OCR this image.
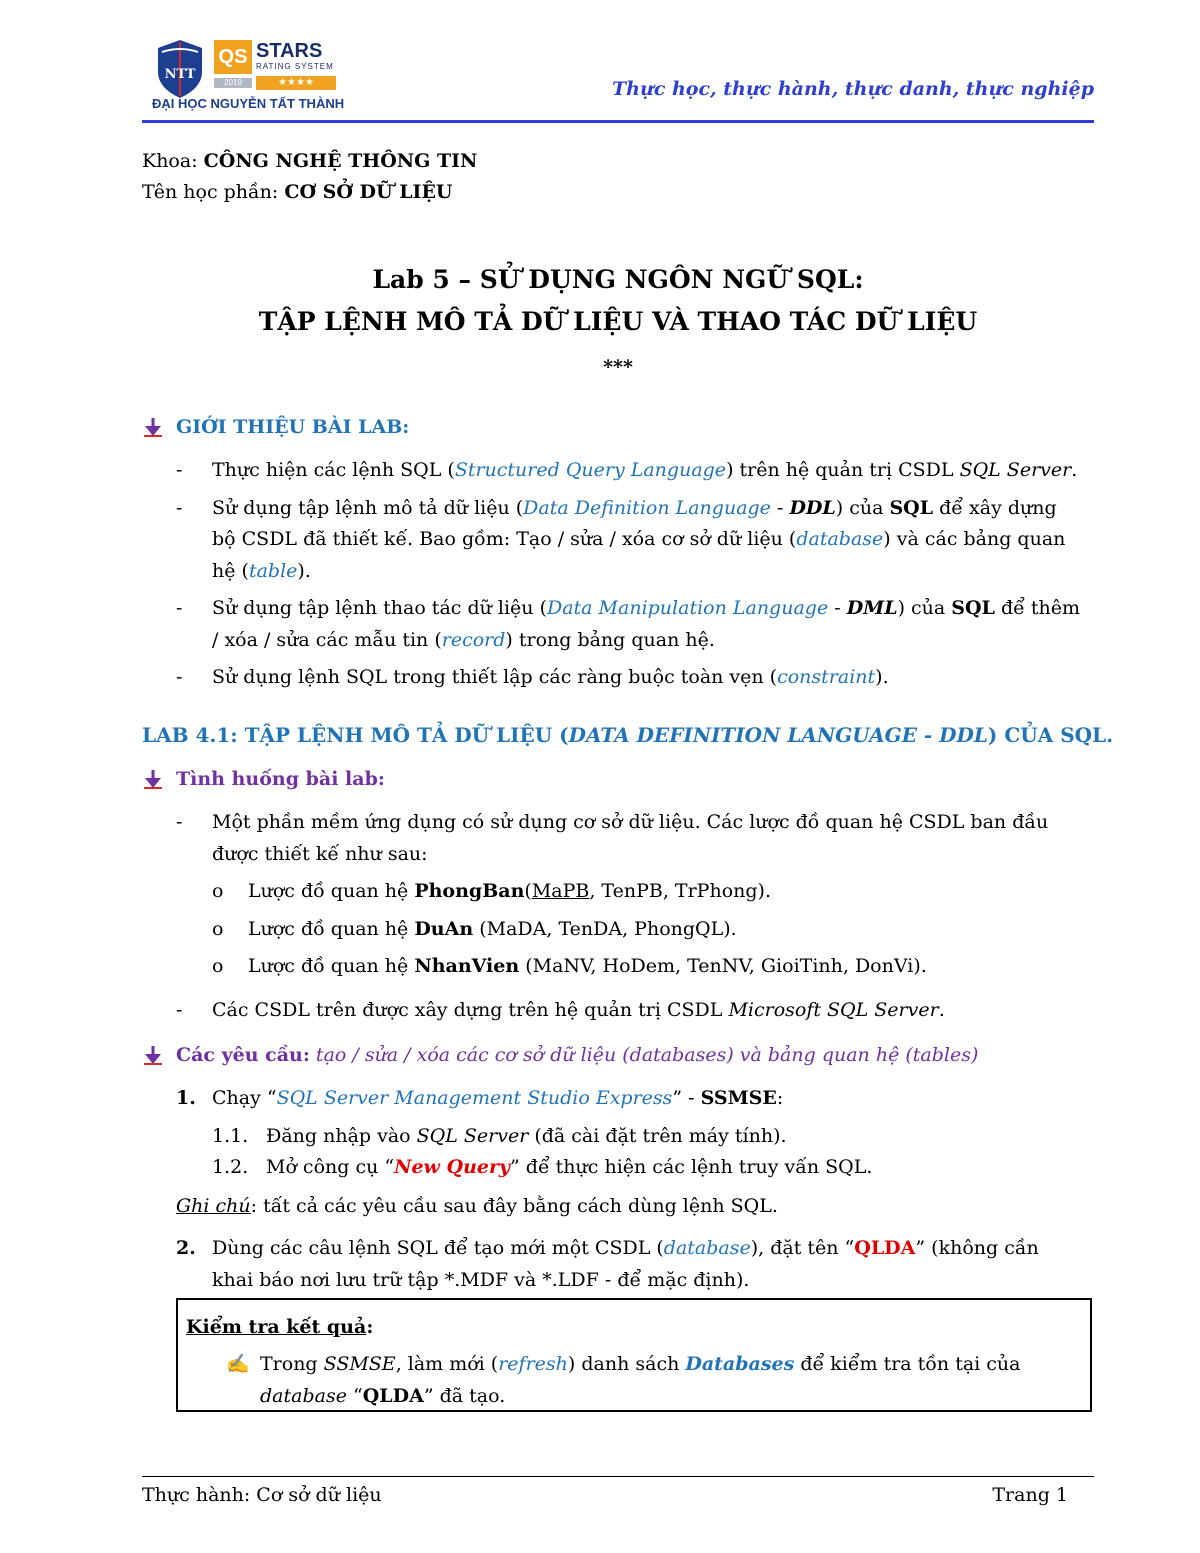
NTT
QS STARS
RATING SYSTEM
2019	★★★★
ĐẠI HỌC NGUYỄN TẤT THÀNH
Thực học, thực hành, thực danh, thực nghiệp
Khoa: CÔNG NGHỆ THÔNG TIN
Tên học phần: CƠ SỞ DỮ LIỆU
Lab 5 – SỬ DỤNG NGÔN NGỮ SQL:
TẬP LỆNH MÔ TẢ DỮ LIỆU VÀ THAO TÁC DỮ LIỆU
***
GIỚI THIỆU BÀI LAB:
- Thực hiện các lệnh SQL (Structured Query Language) trên hệ quản trị CSDL SQL Server.
- Sử dụng tập lệnh mô tả dữ liệu (Data Definition Language - DDL) của SQL để xây dựng
bộ CSDL đã thiết kế. Bao gồm: Tạo / sửa / xóa cơ sở dữ liệu (database) và các bảng quan
hệ (table).
- Sử dụng tập lệnh thao tác dữ liệu (Data Manipulation Language - DML) của SQL để thêm
/ xóa / sửa các mẫu tin (record) trong bảng quan hệ.
- Sử dụng lệnh SQL trong thiết lập các ràng buộc toàn vẹn (constraint).
LAB 4.1: TẬP LỆNH MÔ TẢ DỮ LIỆU (DATA DEFINITION LANGUAGE - DDL) CỦA SQL.
Tình huống bài lab:
- Một phần mềm ứng dụng có sử dụng cơ sở dữ liệu. Các lược đồ quan hệ CSDL ban đầu
được thiết kế như sau:
o Lược đồ quan hệ PhongBan(MaPB, TenPB, TrPhong).
o Lược đồ quan hệ DuAn (MaDA, TenDA, PhongQL).
o Lược đồ quan hệ NhanVien (MaNV, HoDem, TenNV, GioiTinh, DonVi).
- Các CSDL trên được xây dựng trên hệ quản trị CSDL Microsoft SQL Server.
Các yêu cầu: tạo / sửa / xóa các cơ sở dữ liệu (databases) và bảng quan hệ (tables)
1. Chạy “SQL Server Management Studio Express” - SSMSE:
1.1. Đăng nhập vào SQL Server (đã cài đặt trên máy tính).
1.2. Mở công cụ “New Query” để thực hiện các lệnh truy vấn SQL.
Ghi chú: tất cả các yêu cầu sau đây bằng cách dùng lệnh SQL.
2. Dùng các câu lệnh SQL để tạo mới một CSDL (database), đặt tên “QLDA” (không cần
khai báo nơi lưu trữ tập *.MDF và *.LDF - để mặc định).
Kiểm tra kết quả:
✍ Trong SSMSE, làm mới (refresh) danh sách Databases để kiểm tra tồn tại của
database “QLDA” đã tạo.
Thực hành: Cơ sở dữ liệu	Trang 1
